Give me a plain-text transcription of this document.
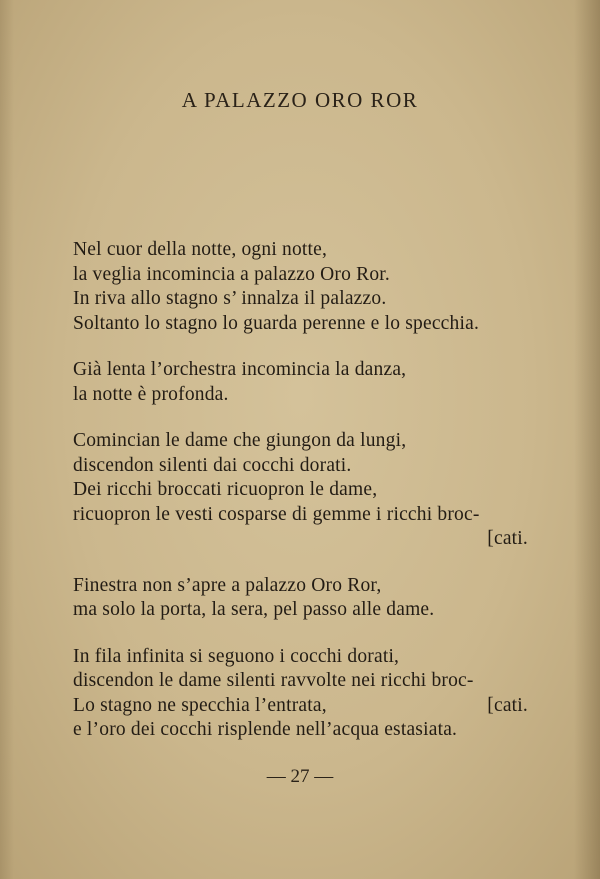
A PALAZZO ORO ROR
Nel cuor della notte, ogni notte,
la veglia incomincia a palazzo Oro Ror.
In riva allo stagno s’ innalza il palazzo.
Soltanto lo stagno lo guarda perenne e lo specchia.
Già lenta l’orchestra incomincia la danza,
la notte è profonda.
Comincian le dame che giungon da lungi,
discendon silenti dai cocchi dorati.
Dei ricchi broccati ricuopron le dame,
ricuopron le vesti cosparse di gemme i ricchi broc-
[cati.
Finestra non s’apre a palazzo Oro Ror,
ma solo la porta, la sera, pel passo alle dame.
In fila infinita si seguono i cocchi dorati,
discendon le dame silenti ravvolte nei ricchi broc-
Lo stagno ne specchia l’entrata,	[cati.
e l’oro dei cocchi risplende nell’acqua estasiata.
— 27 —
